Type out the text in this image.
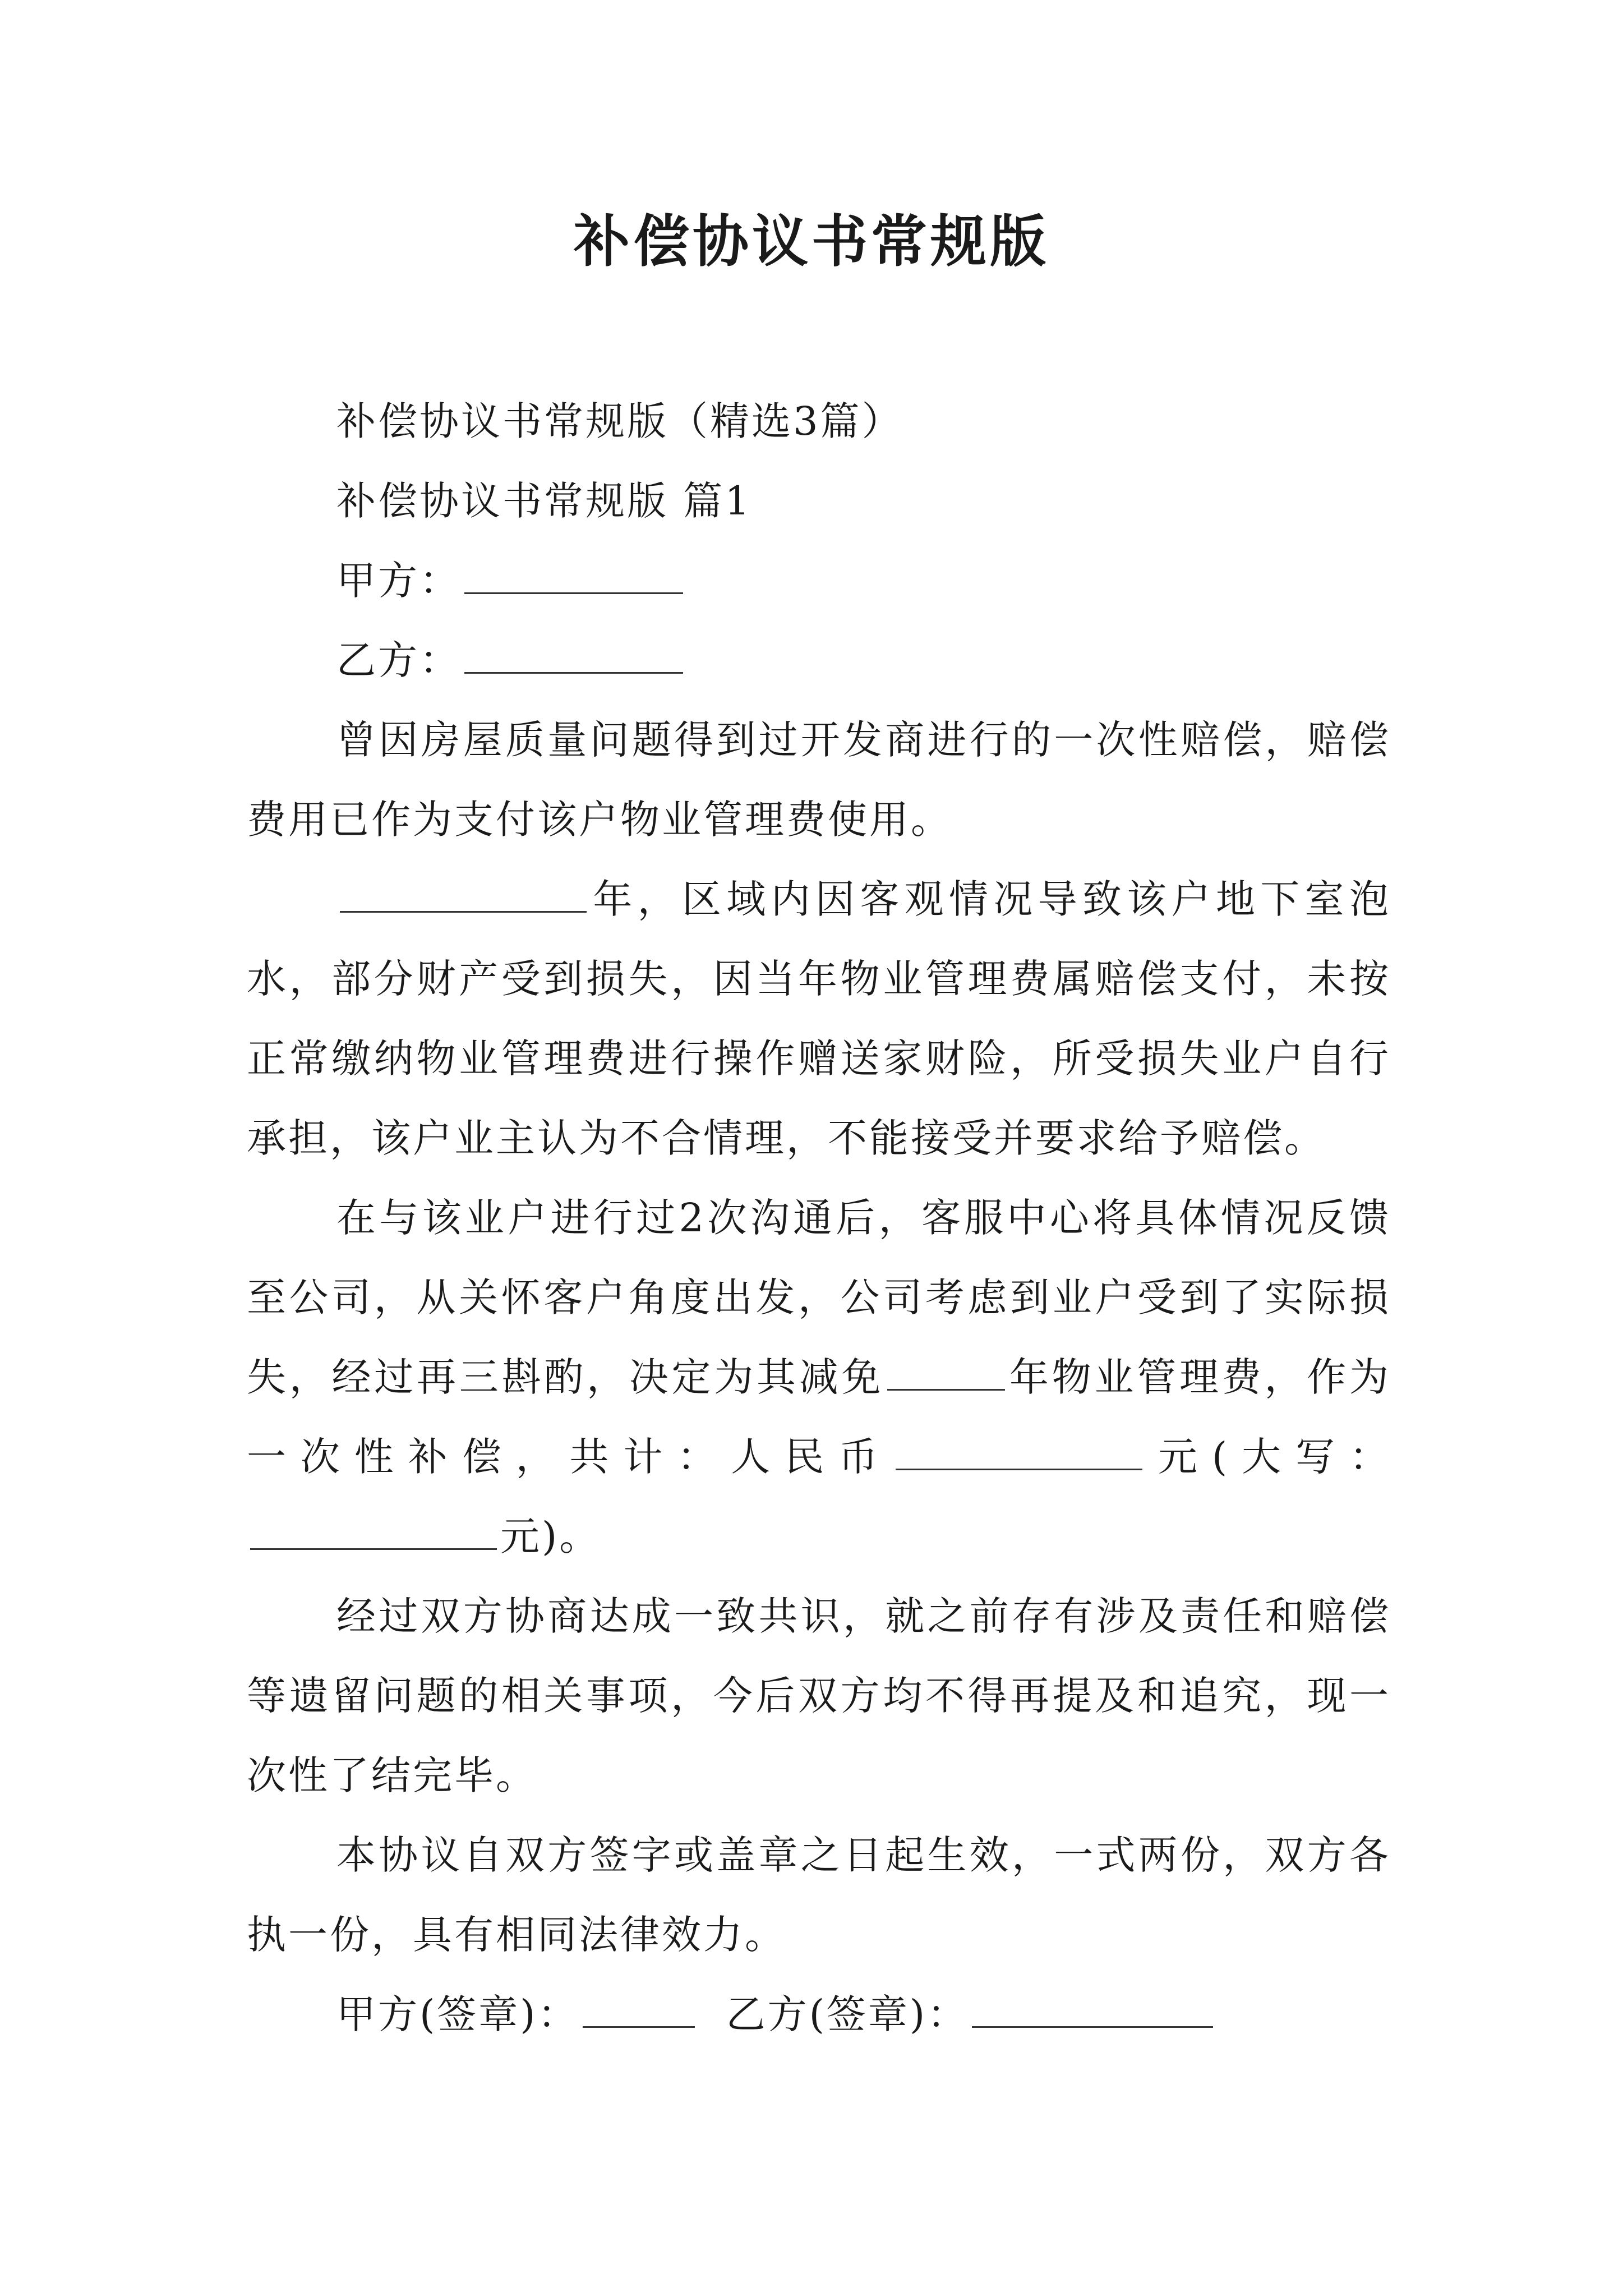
补偿协议书常规版

补偿协议书常规版（精选3篇）

补偿协议书常规版 篇1

甲方：

乙方：

曾因房屋质量问题得到过开发商进行的一次性赔偿，赔偿费用已作为支付该户物业管理费使用。

年，区域内因客观情况导致该户地下室泡水，部分财产受到损失，因当年物业管理费属赔偿支付，未按正常缴纳物业管理费进行操作赠送家财险，所受损失业户自行承担，该户业主认为不合情理，不能接受并要求给予赔偿。

在与该业户进行过2次沟通后，客服中心将具体情况反馈至公司，从关怀客户角度出发，公司考虑到业户受到了实际损失，经过再三斟酌，决定为其减免	年物业管理费，作为一次性补偿，共计：人民币	元(大写：元)。

经过双方协商达成一致共识，就之前存有涉及责任和赔偿等遗留问题的相关事项，今后双方均不得再提及和追究，现一次性了结完毕。

本协议自双方签字或盖章之日起生效，一式两份，双方各执一份，具有相同法律效力。

甲方(签章)：	乙方(签章)：
